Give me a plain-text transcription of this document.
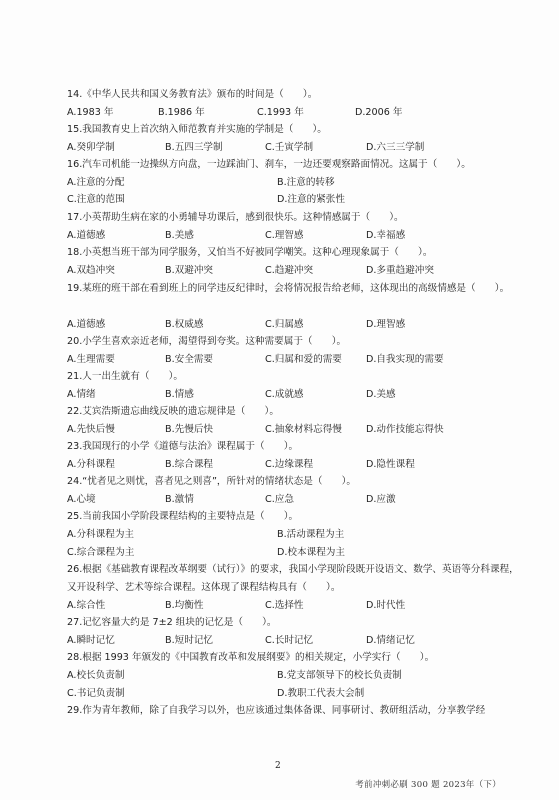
14.《中华人民共和国义务教育法》颁布的时间是（　　）。
A.1983 年	B.1986 年	C.1993 年	D.2006 年
15.我国教育史上首次纳入师范教育并实施的学制是（　　）。
A.癸卯学制	B.五四三学制	C.壬寅学制	D.六三三学制
16.汽车司机能一边操纵方向盘，一边踩油门、刹车，一边还要观察路面情况。这属于（　　）。
A.注意的分配	B.注意的转移
C.注意的范围	D.注意的紧张性
17.小英帮助生病在家的小勇辅导功课后，感到很快乐。这种情感属于（　　）。
A.道德感	B.美感	C.理智感	D.幸福感
18.小英想当班干部为同学服务，又怕当不好被同学嘲笑。这种心理现象属于（　　）。
A.双趋冲突	B.双避冲突	C.趋避冲突	D.多重趋避冲突
19.某班的班干部在看到班上的同学违反纪律时，会将情况报告给老师，这体现出的高级情感是（　　）。
A.道德感	B.权威感	C.归属感	D.理智感
20.小学生喜欢亲近老师，渴望得到夸奖。这种需要属于（　　）。
A.生理需要	B.安全需要	C.归属和爱的需要	D.自我实现的需要
21.人一出生就有（　　）。
A.情绪	B.情感	C.成就感	D.美感
22.艾宾浩斯遗忘曲线反映的遗忘规律是（　　）。
A.先快后慢	B.先慢后快	C.抽象材料忘得慢	D.动作技能忘得快
23.我国现行的小学《道德与法治》课程属于（　　）。
A.分科课程	B.综合课程	C.边缘课程	D.隐性课程
24.“忧者见之则忧，喜者见之则喜”，所针对的情绪状态是（　　）。
A.心境	B.激情	C.应急	D.应激
25.当前我国小学阶段课程结构的主要特点是（　　）。
A.分科课程为主	B.活动课程为主
C.综合课程为主	D.校本课程为主
26.根据《基础教育课程改革纲要（试行）》的要求，我国小学现阶段既开设语文、数学、英语等分科课程，又开设科学、艺术等综合课程。这体现了课程结构具有（　　）。
A.综合性	B.均衡性	C.选择性	D.时代性
27.记忆容量大约是 7±2 组块的记忆是（　　）。
A.瞬时记忆	B.短时记忆	C.长时记忆	D.情绪记忆
28.根据 1993 年颁发的《中国教育改革和发展纲要》的相关规定，小学实行（　　）。
A.校长负责制	B.党支部领导下的校长负责制
C.书记负责制	D.教职工代表大会制
29.作为青年教师，除了自我学习以外，也应该通过集体备课、同事研讨、教研组活动，分享教学经
2
考前冲刺必刷 300 题 2023年（下）
